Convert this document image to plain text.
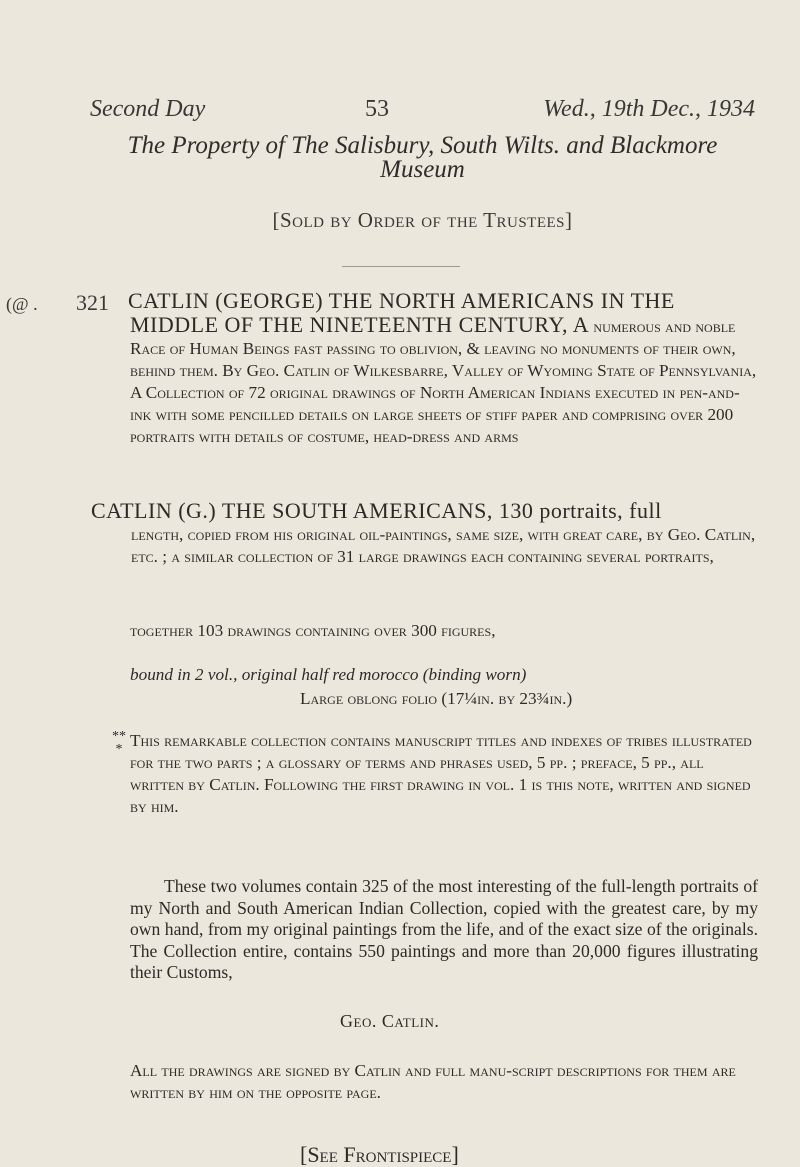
Second Day	53	Wed., 19th Dec., 1934
The Property of The Salisbury, South Wilts. and Blackmore
Museum
[Sold by Order of the Trustees]
(@ . 321 CATLIN (GEORGE) THE NORTH AMERICANS IN THE MIDDLE OF THE NINETEENTH CENTURY, A numerous and noble Race of Human Beings fast passing to oblivion, & leaving no monuments of their own, behind them. By Geo. Catlin of Wilkesbarre, Valley of Wyoming State of Pennsylvania, A Collection of 72 original drawings of North American Indians executed in pen-and-ink with some pencilled details on large sheets of stiff paper and comprising over 200 portraits with details of costume, head-dress and arms
CATLIN (G.) THE SOUTH AMERICANS, 130 portraits, full
length, copied from his original oil-paintings, same size, with great care, by Geo. Catlin, etc. ; a similar collection of 31 large drawings each containing several portraits,
together 103 drawings containing over 300 figures,
bound in 2 vol., original half red morocco (binding worn)
Large oblong folio (17¼in. by 23¾in.)
**
* This remarkable collection contains manuscript titles and indexes of tribes illustrated for the two parts ; a glossary of terms and phrases used, 5 pp. ; preface, 5 pp., all written by Catlin. Following the first drawing in vol. 1 is this note, written and signed by him.
These two volumes contain 325 of the most interesting of the full-length portraits of my North and South American Indian Collection, copied with the greatest care, by my own hand, from my original paintings from the life, and of the exact size of the originals. The Collection entire, contains 550 paintings and more than 20,000 figures illustrating their Customs,
Geo. Catlin.
All the drawings are signed by Catlin and full manu-script descriptions for them are written by him on the opposite page.
[See Frontispiece]
